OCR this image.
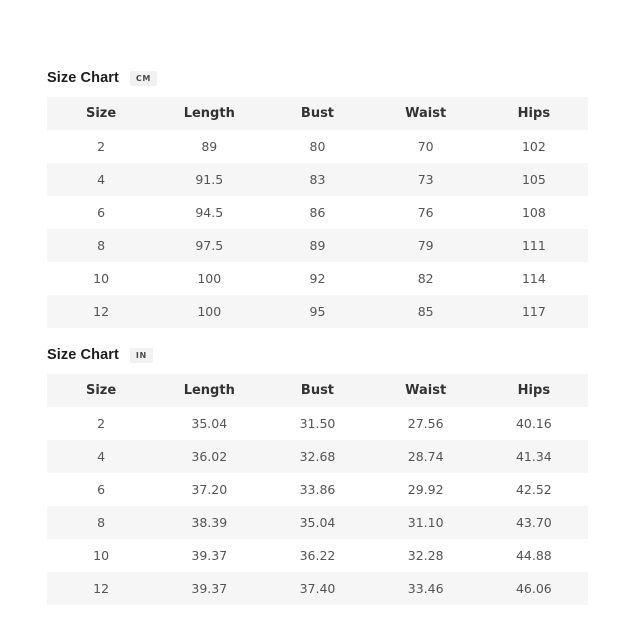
Size Chart	CM
Size	Length	Bust	Waist	Hips
2	89	80	70	102
4	91.5	83	73	105
6	94.5	86	76	108
8	97.5	89	79	111
10	100	92	82	114
12	100	95	85	117
Size Chart	IN
Size	Length	Bust	Waist	Hips
2	35.04	31.50	27.56	40.16
4	36.02	32.68	28.74	41.34
6	37.20	33.86	29.92	42.52
8	38.39	35.04	31.10	43.70
10	39.37	36.22	32.28	44.88
12	39.37	37.40	33.46	46.06
